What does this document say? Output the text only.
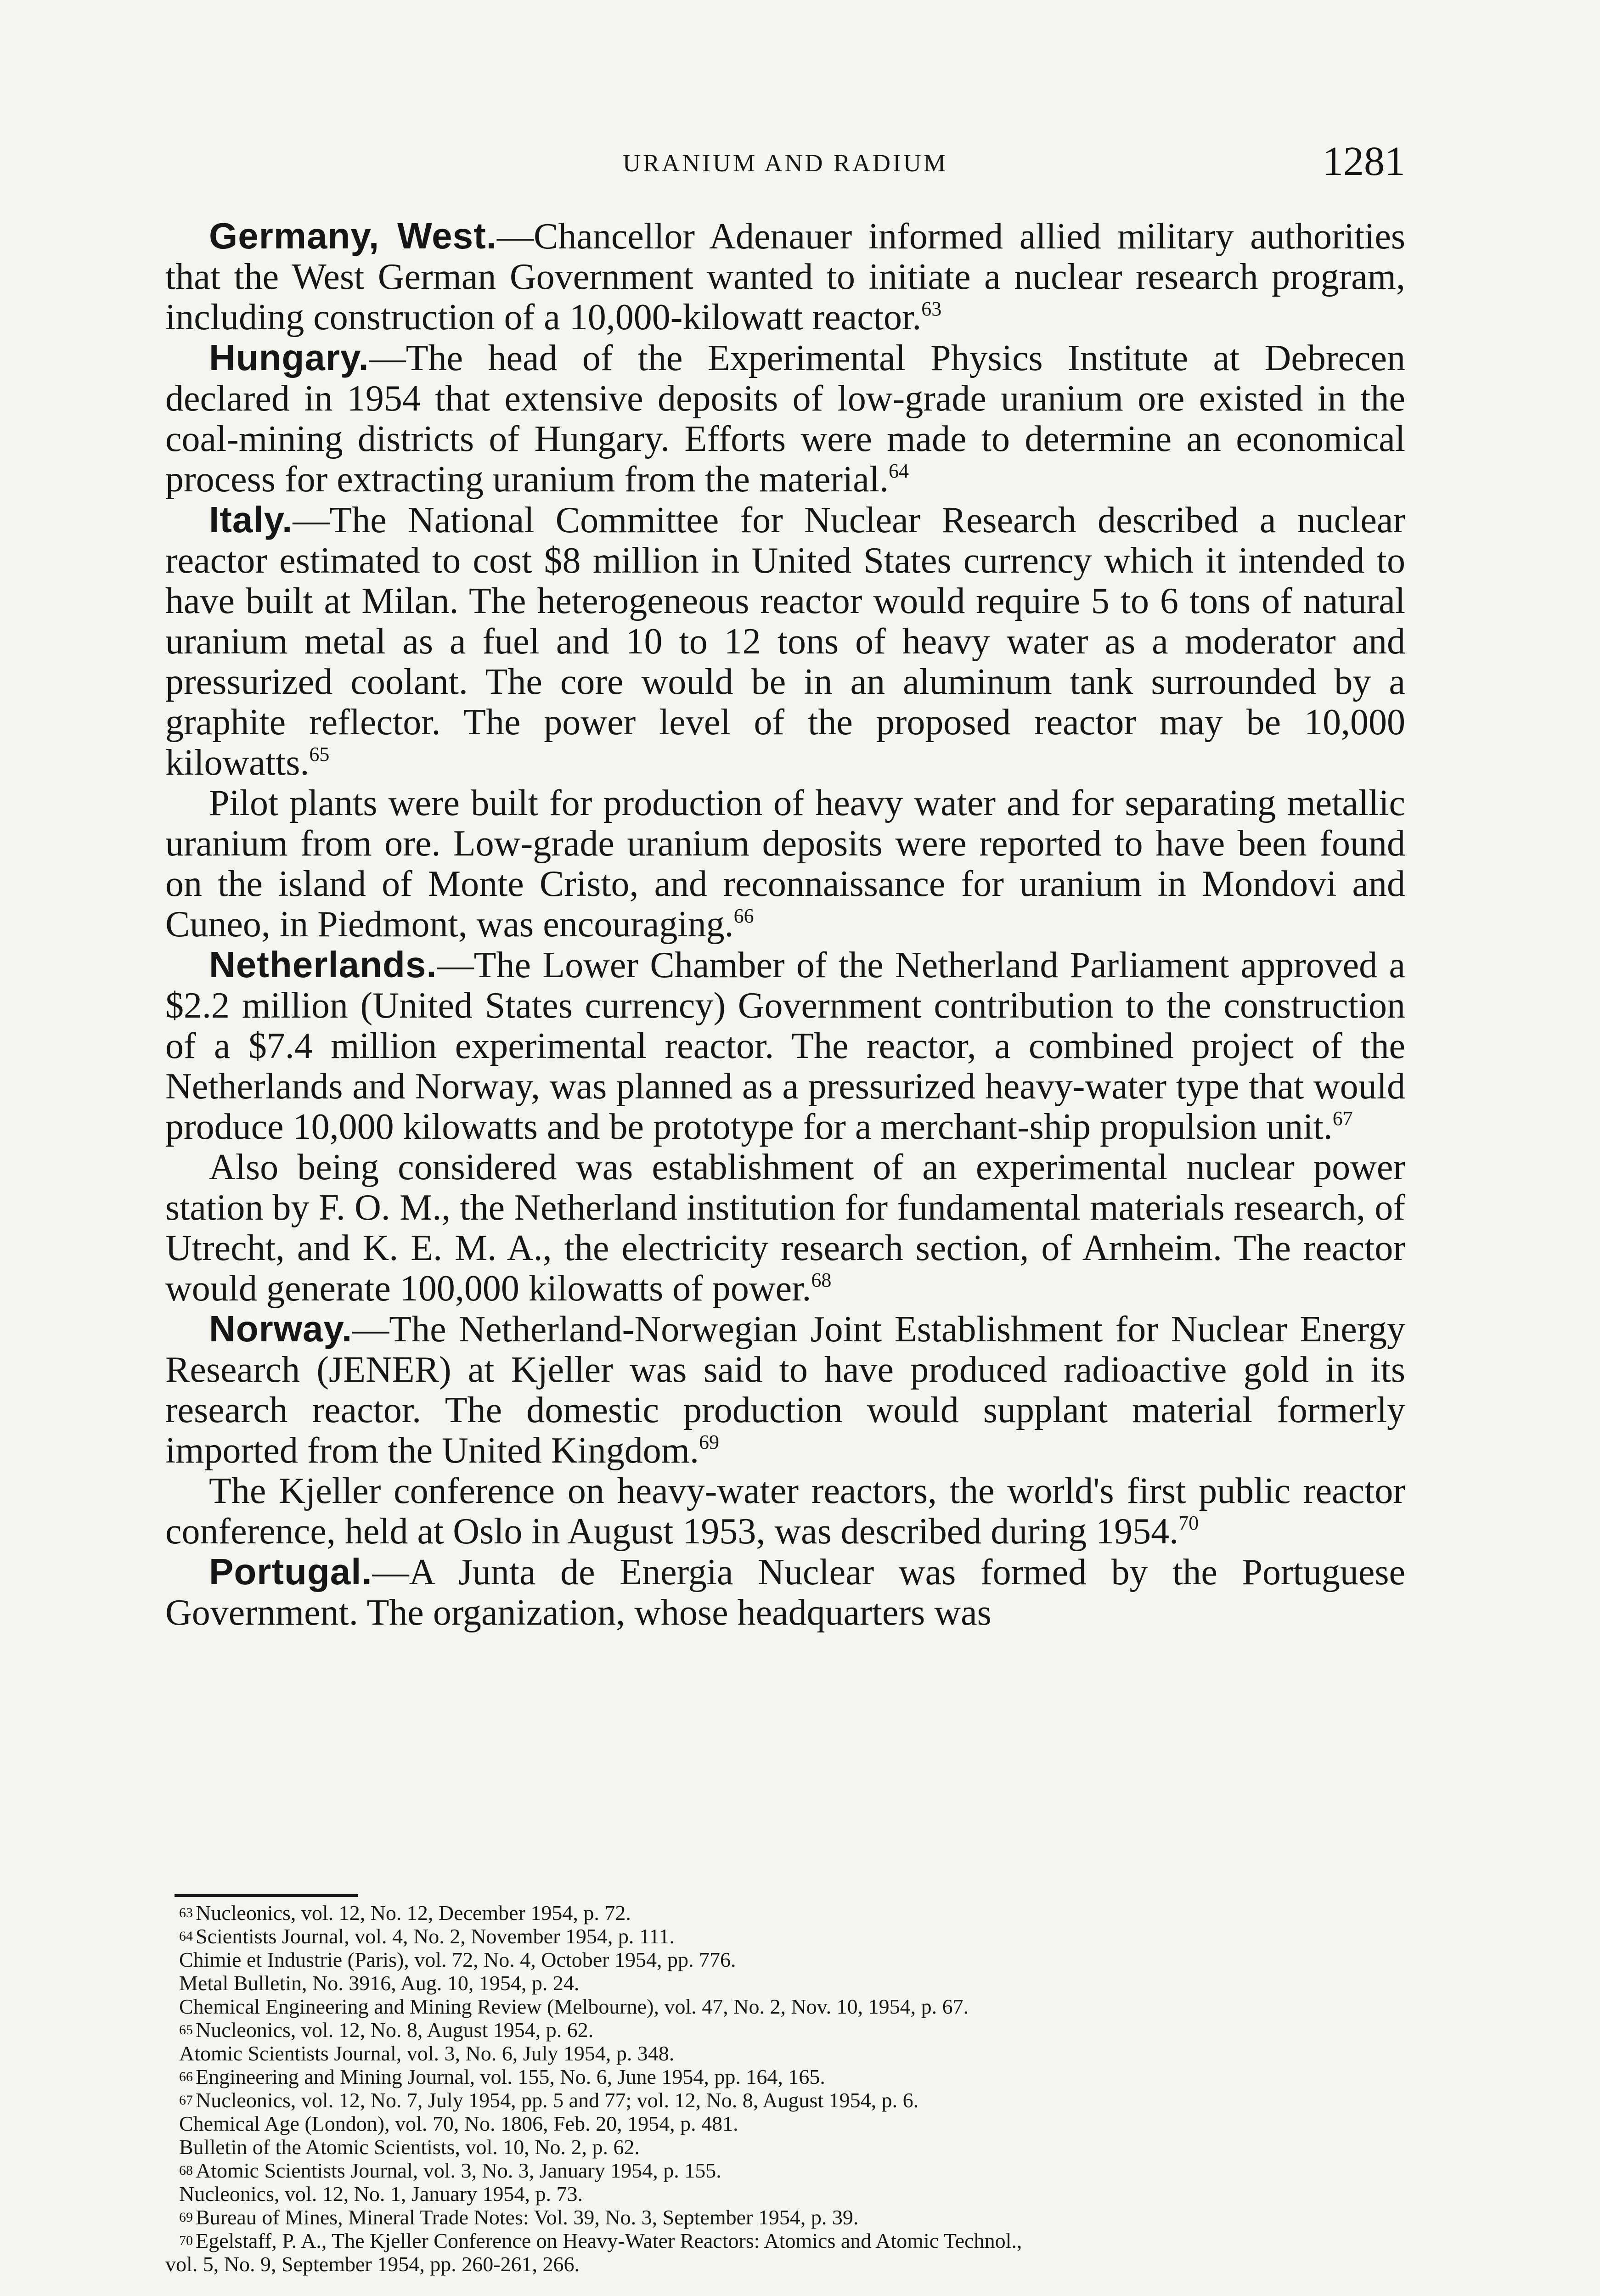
URANIUM AND RADIUM	1281

Germany, West.—Chancellor Adenauer informed allied military authorities that the West German Government wanted to initiate a nuclear research program, including construction of a 10,000-kilowatt reactor.$^{63}$

Hungary.—The head of the Experimental Physics Institute at Debrecen declared in 1954 that extensive deposits of low-grade uranium ore existed in the coal-mining districts of Hungary. Efforts were made to determine an economical process for extracting uranium from the material.$^{64}$

Italy.—The National Committee for Nuclear Research described a nuclear reactor estimated to cost $8 million in United States currency which it intended to have built at Milan. The heterogeneous reactor would require 5 to 6 tons of natural uranium metal as a fuel and 10 to 12 tons of heavy water as a moderator and pressurized coolant. The core would be in an aluminum tank surrounded by a graphite reflector. The power level of the proposed reactor may be 10,000 kilowatts.$^{65}$

Pilot plants were built for production of heavy water and for separating metallic uranium from ore. Low-grade uranium deposits were reported to have been found on the island of Monte Cristo, and reconnaissance for uranium in Mondovi and Cuneo, in Piedmont, was encouraging.$^{66}$

Netherlands.—The Lower Chamber of the Netherland Parliament approved a $2.2 million (United States currency) Government contribution to the construction of a $7.4 million experimental reactor. The reactor, a combined project of the Netherlands and Norway, was planned as a pressurized heavy-water type that would produce 10,000 kilowatts and be prototype for a merchant-ship propulsion unit.$^{67}$

Also being considered was establishment of an experimental nuclear power station by F. O. M., the Netherland institution for fundamental materials research, of Utrecht, and K. E. M. A., the electricity research section, of Arnheim. The reactor would generate 100,000 kilowatts of power.$^{68}$

Norway.—The Netherland-Norwegian Joint Establishment for Nuclear Energy Research (JENER) at Kjeller was said to have produced radioactive gold in its research reactor. The domestic production would supplant material formerly imported from the United Kingdom.$^{69}$

The Kjeller conference on heavy-water reactors, the world's first public reactor conference, held at Oslo in August 1953, was described during 1954.70

Portugal.—A Junta de Energia Nuclear was formed by the Portuguese Government. The organization, whose headquarters was

63 Nucleonics, vol. 12, No. 12, December 1954, p. 72.
64 Scientists Journal, vol. 4, No. 2, November 1954, p. 111.
Chimie et Industrie (Paris), vol. 72, No. 4, October 1954, pp. 776.
Metal Bulletin, No. 3916, Aug. 10, 1954, p. 24.
Chemical Engineering and Mining Review (Melbourne), vol. 47, No. 2, Nov. 10, 1954, p. 67.
65 Nucleonics, vol. 12, No. 8, August 1954, p. 62.
Atomic Scientists Journal, vol. 3, No. 6, July 1954, p. 348.
66 Engineering and Mining Journal, vol. 155, No. 6, June 1954, pp. 164, 165.
67 Nucleonics, vol. 12, No. 7, July 1954, pp. 5 and 77; vol. 12, No. 8, August 1954, p. 6.
Chemical Age (London), vol. 70, No. 1806, Feb. 20, 1954, p. 481.
Bulletin of the Atomic Scientists, vol. 10, No. 2, p. 62.
68 Atomic Scientists Journal, vol. 3, No. 3, January 1954, p. 155.
Nucleonics, vol. 12, No. 1, January 1954, p. 73.
69 Bureau of Mines, Mineral Trade Notes: Vol. 39, No. 3, September 1954, p. 39.
70 Egelstaff, P. A., The Kjeller Conference on Heavy-Water Reactors: Atomics and Atomic Technol.,
vol. 5, No. 9, September 1954, pp. 260-261, 266.
